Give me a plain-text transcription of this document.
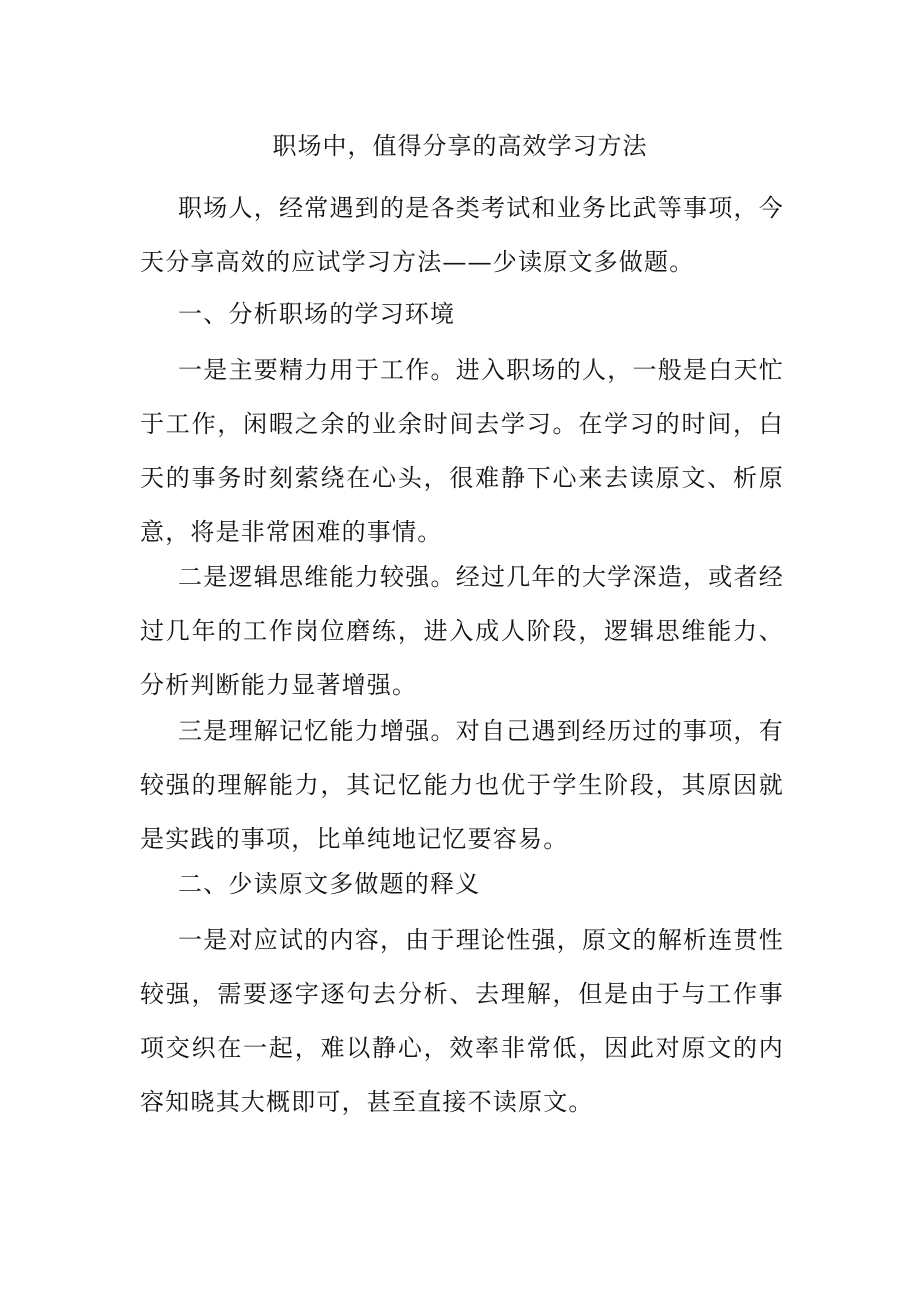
职场中，值得分享的高效学习方法

职场人，经常遇到的是各类考试和业务比武等事项，今天分享高效的应试学习方法——少读原文多做题。

一、分析职场的学习环境

一是主要精力用于工作。进入职场的人，一般是白天忙于工作，闲暇之余的业余时间去学习。在学习的时间，白天的事务时刻萦绕在心头，很难静下心来去读原文、析原意，将是非常困难的事情。

二是逻辑思维能力较强。经过几年的大学深造，或者经过几年的工作岗位磨练，进入成人阶段，逻辑思维能力、分析判断能力显著增强。

三是理解记忆能力增强。对自己遇到经历过的事项，有较强的理解能力，其记忆能力也优于学生阶段，其原因就是实践的事项，比单纯地记忆要容易。

二、少读原文多做题的释义

一是对应试的内容，由于理论性强，原文的解析连贯性较强，需要逐字逐句去分析、去理解，但是由于与工作事项交织在一起，难以静心，效率非常低，因此对原文的内容知晓其大概即可，甚至直接不读原文。
